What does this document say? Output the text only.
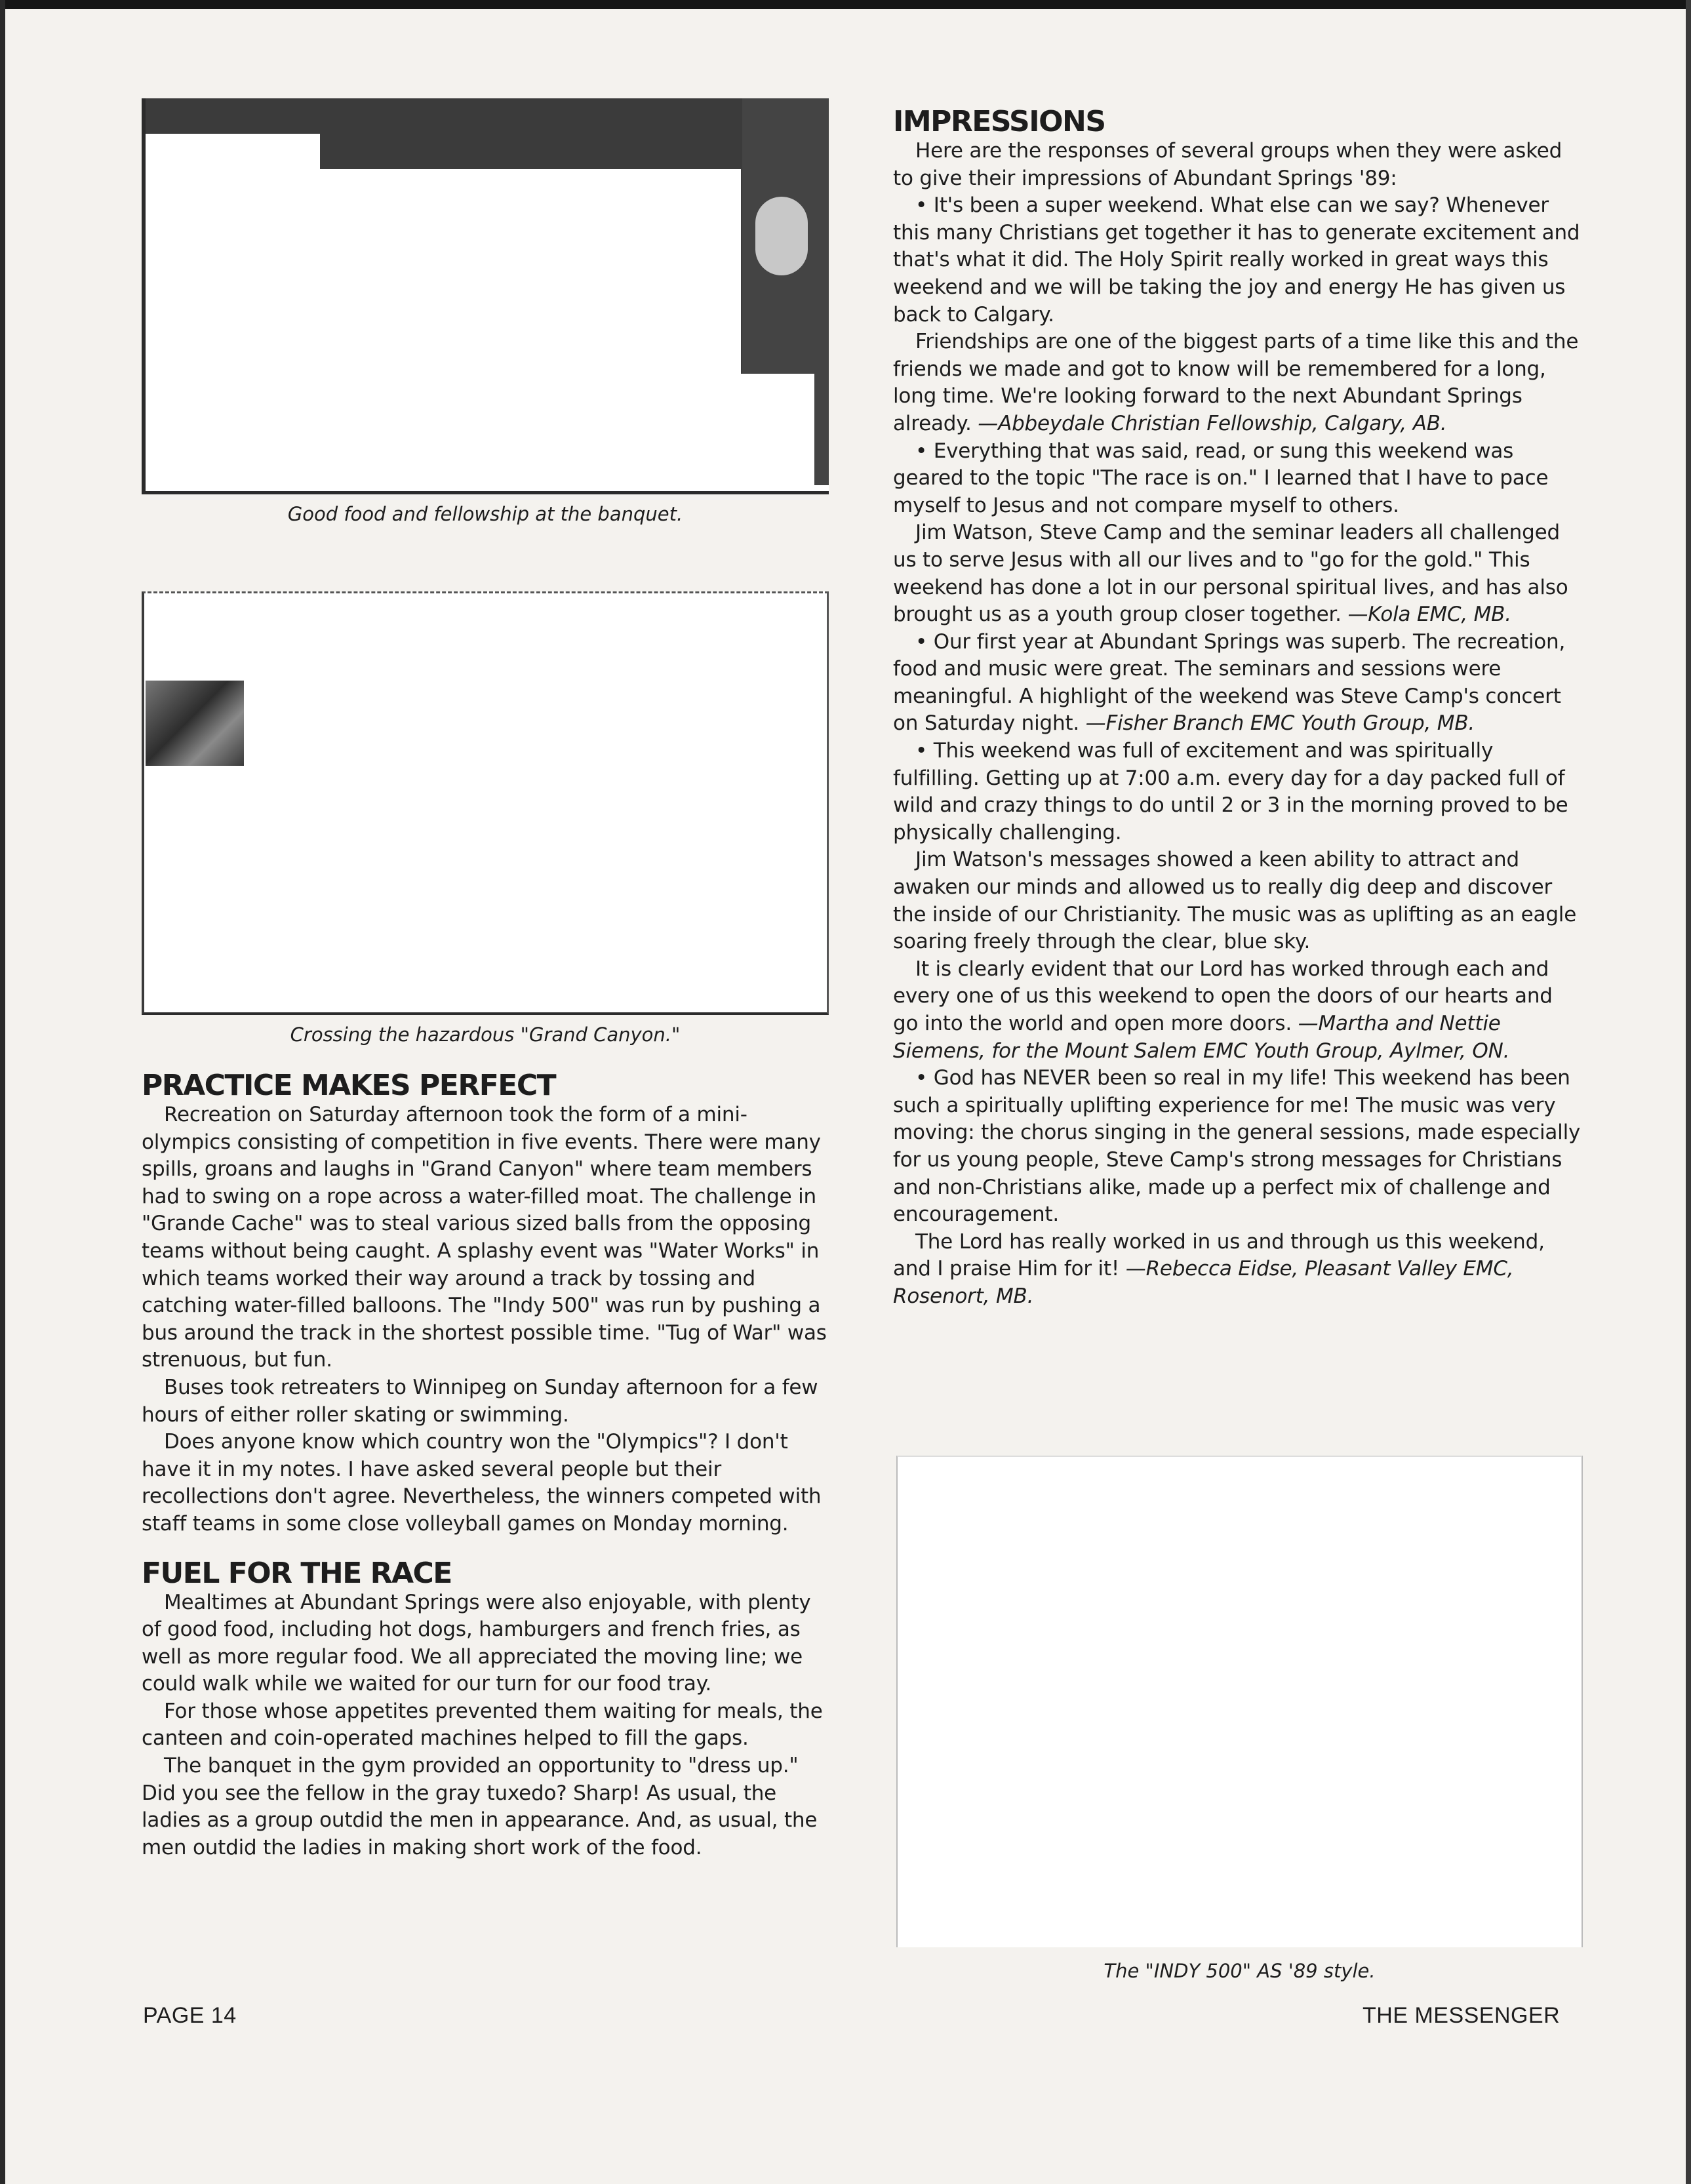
Good food and fellowship at the banquet.

Crossing the hazardous "Grand Canyon."

PRACTICE MAKES PERFECT

Recreation on Saturday afternoon took the form of a mini-olympics consisting of competition in five events. There were many spills, groans and laughs in "Grand Canyon" where team members had to swing on a rope across a water-filled moat. The challenge in "Grande Cache" was to steal various sized balls from the opposing teams without being caught. A splashy event was "Water Works" in which teams worked their way around a track by tossing and catching water-filled balloons. The "Indy 500" was run by pushing a bus around the track in the shortest possible time. "Tug of War" was strenuous, but fun.

Buses took retreaters to Winnipeg on Sunday afternoon for a few hours of either roller skating or swimming.

Does anyone know which country won the "Olympics"? I don't have it in my notes. I have asked several people but their recollections don't agree. Nevertheless, the winners competed with staff teams in some close volleyball games on Monday morning.

FUEL FOR THE RACE

Mealtimes at Abundant Springs were also enjoyable, with plenty of good food, including hot dogs, hamburgers and french fries, as well as more regular food. We all appreciated the moving line; we could walk while we waited for our turn for our food tray.

For those whose appetites prevented them waiting for meals, the canteen and coin-operated machines helped to fill the gaps.

The banquet in the gym provided an opportunity to "dress up." Did you see the fellow in the gray tuxedo? Sharp! As usual, the ladies as a group outdid the men in appearance. And, as usual, the men outdid the ladies in making short work of the food.

IMPRESSIONS

Here are the responses of several groups when they were asked to give their impressions of Abundant Springs '89:

• It's been a super weekend. What else can we say? Whenever this many Christians get together it has to generate excitement and that's what it did. The Holy Spirit really worked in great ways this weekend and we will be taking the joy and energy He has given us back to Calgary.

Friendships are one of the biggest parts of a time like this and the friends we made and got to know will be remembered for a long, long time. We're looking forward to the next Abundant Springs already. —Abbeydale Christian Fellowship, Calgary, AB.

• Everything that was said, read, or sung this weekend was geared to the topic "The race is on." I learned that I have to pace myself to Jesus and not compare myself to others.

Jim Watson, Steve Camp and the seminar leaders all challenged us to serve Jesus with all our lives and to "go for the gold." This weekend has done a lot in our personal spiritual lives, and has also brought us as a youth group closer together. —Kola EMC, MB.

• Our first year at Abundant Springs was superb. The recreation, food and music were great. The seminars and sessions were meaningful. A highlight of the weekend was Steve Camp's concert on Saturday night. —Fisher Branch EMC Youth Group, MB.

• This weekend was full of excitement and was spiritually fulfilling. Getting up at 7:00 a.m. every day for a day packed full of wild and crazy things to do until 2 or 3 in the morning proved to be physically challenging.

Jim Watson's messages showed a keen ability to attract and awaken our minds and allowed us to really dig deep and discover the inside of our Christianity. The music was as uplifting as an eagle soaring freely through the clear, blue sky.

It is clearly evident that our Lord has worked through each and every one of us this weekend to open the doors of our hearts and go into the world and open more doors. —Martha and Nettie Siemens, for the Mount Salem EMC Youth Group, Aylmer, ON.

• God has NEVER been so real in my life! This weekend has been such a spiritually uplifting experience for me! The music was very moving: the chorus singing in the general sessions, made especially for us young people, Steve Camp's strong messages for Christians and non-Christians alike, made up a perfect mix of challenge and encouragement.

The Lord has really worked in us and through us this weekend, and I praise Him for it! —Rebecca Eidse, Pleasant Valley EMC, Rosenort, MB.

The "INDY 500" AS '89 style.

PAGE 14	THE MESSENGER
